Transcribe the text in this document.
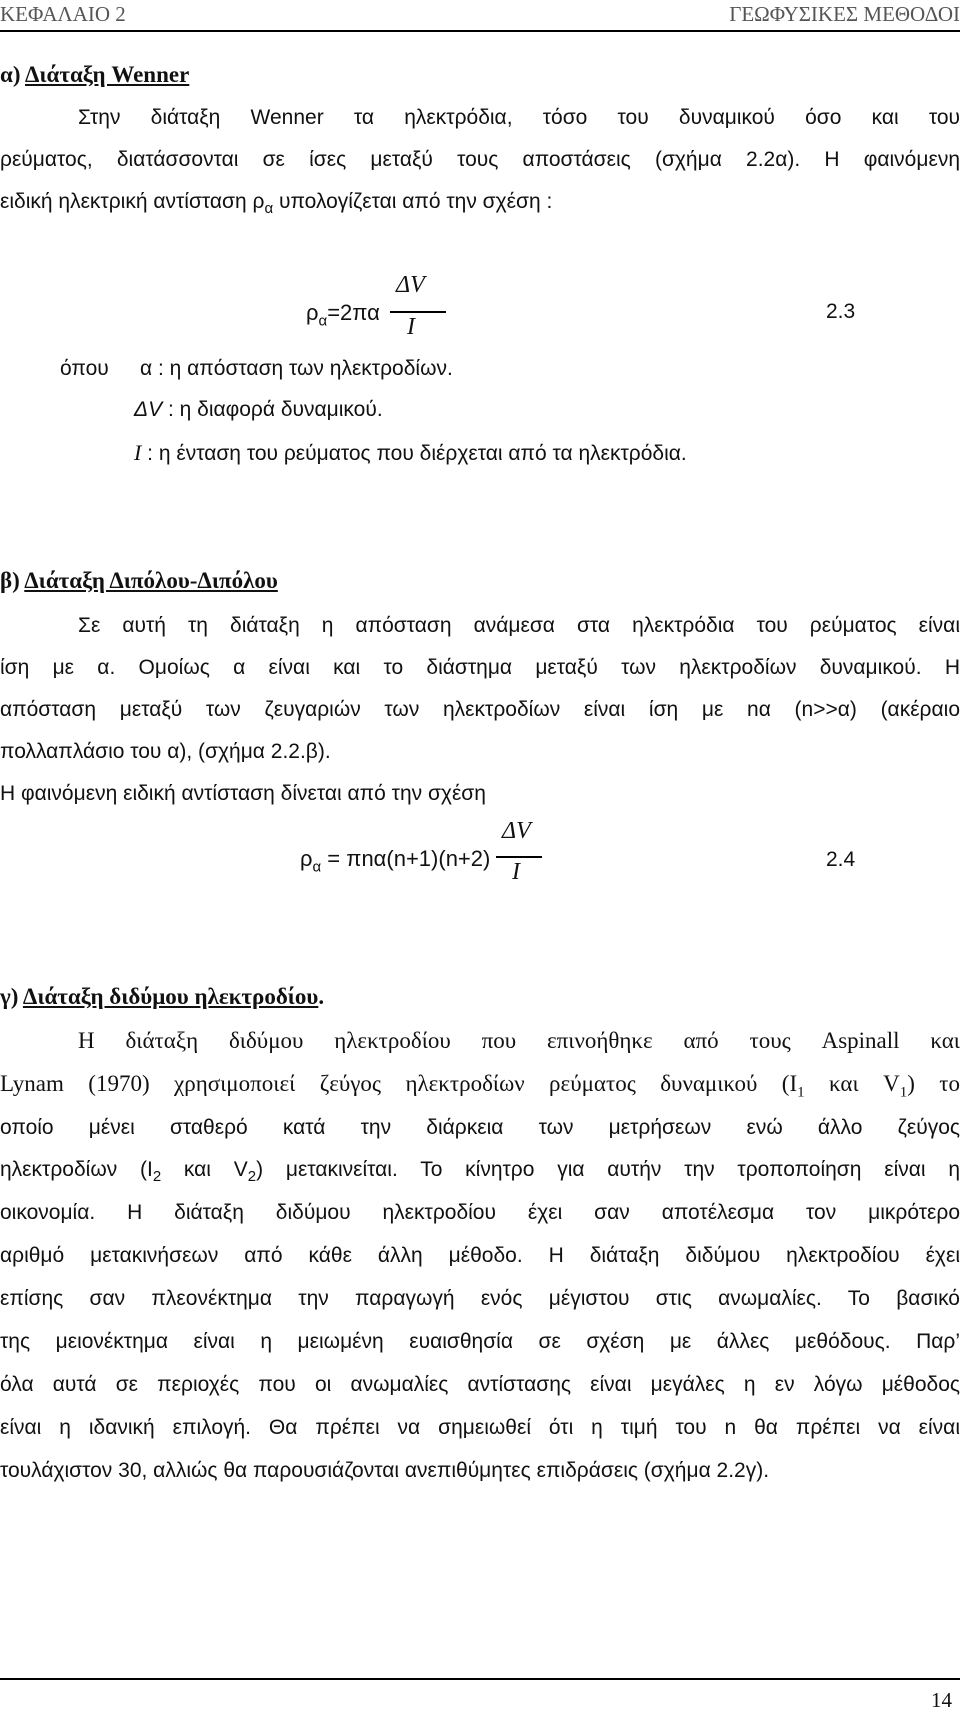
ΚΕΦΑΛΑΙΟ 2	ΓΕΩΦΥΣΙΚΕΣ ΜΕΘΟΔΟΙ
α) Διάταξη Wenner
Στην διάταξη Wenner τα ηλεκτρόδια, τόσο του δυναμικού όσο και του
ρεύματος, διατάσσονται σε ίσες μεταξύ τους αποστάσεις (σχήμα 2.2α). Η φαινόμενη
ειδική ηλεκτρική αντίσταση $\rho_\alpha$ υπολογίζεται από την σχέση :
$\rho_\alpha=2\pi\alpha$
ΔV
I
2.3
όπου α : η απόσταση των ηλεκτροδίων.
ΔV : η διαφορά δυναμικού.
I : η ένταση του ρεύματος που διέρχεται από τα ηλεκτρόδια.
β) Διάταξη Διπόλου-Διπόλου
Σε αυτή τη διάταξη η απόσταση ανάμεσα στα ηλεκτρόδια του ρεύματος είναι
ίση με α. Ομοίως α είναι και το διάστημα μεταξύ των ηλεκτροδίων δυναμικού. Η
απόσταση μεταξύ των ζευγαριών των ηλεκτροδίων είναι ίση με nα (n>>α) (ακέραιο
πολλαπλάσιο του α), (σχήμα 2.2.β).
Η φαινόμενη ειδική αντίσταση δίνεται από την σχέση
$\rho_\alpha = \pi n\alpha(n+1)(n+2)$
ΔV
I	2.4
γ) Διάταξη διδύμου ηλεκτροδίου.
Η διάταξη διδύμου ηλεκτροδίου που επινοήθηκε από τους Aspinall και
Lynam (1970) χρησιμοποιεί ζεύγος ηλεκτροδίων ρεύματος δυναμικού ($I_1$ και $V_1$) το
οποίο μένει σταθερό κατά την διάρκεια των μετρήσεων ενώ άλλο ζεύγος
ηλεκτροδίων ($I_2$ και $V_2$) μετακινείται. Το κίνητρο για αυτήν την τροποποίηση είναι η
οικονομία. Η διάταξη διδύμου ηλεκτροδίου έχει σαν αποτέλεσμα τον μικρότερο
αριθμό μετακινήσεων από κάθε άλλη μέθοδο. Η διάταξη διδύμου ηλεκτροδίου έχει
επίσης σαν πλεονέκτημα την παραγωγή ενός μέγιστου στις ανωμαλίες. Το βασικό
της μειονέκτημα είναι η μειωμένη ευαισθησία σε σχέση με άλλες μεθόδους. Παρ’
όλα αυτά σε περιοχές που οι ανωμαλίες αντίστασης είναι μεγάλες η εν λόγω μέθοδος
είναι η ιδανική επιλογή. Θα πρέπει να σημειωθεί ότι η τιμή του n θα πρέπει να είναι
τουλάχιστον 30, αλλιώς θα παρουσιάζονται ανεπιθύμητες επιδράσεις (σχήμα 2.2γ).
14
